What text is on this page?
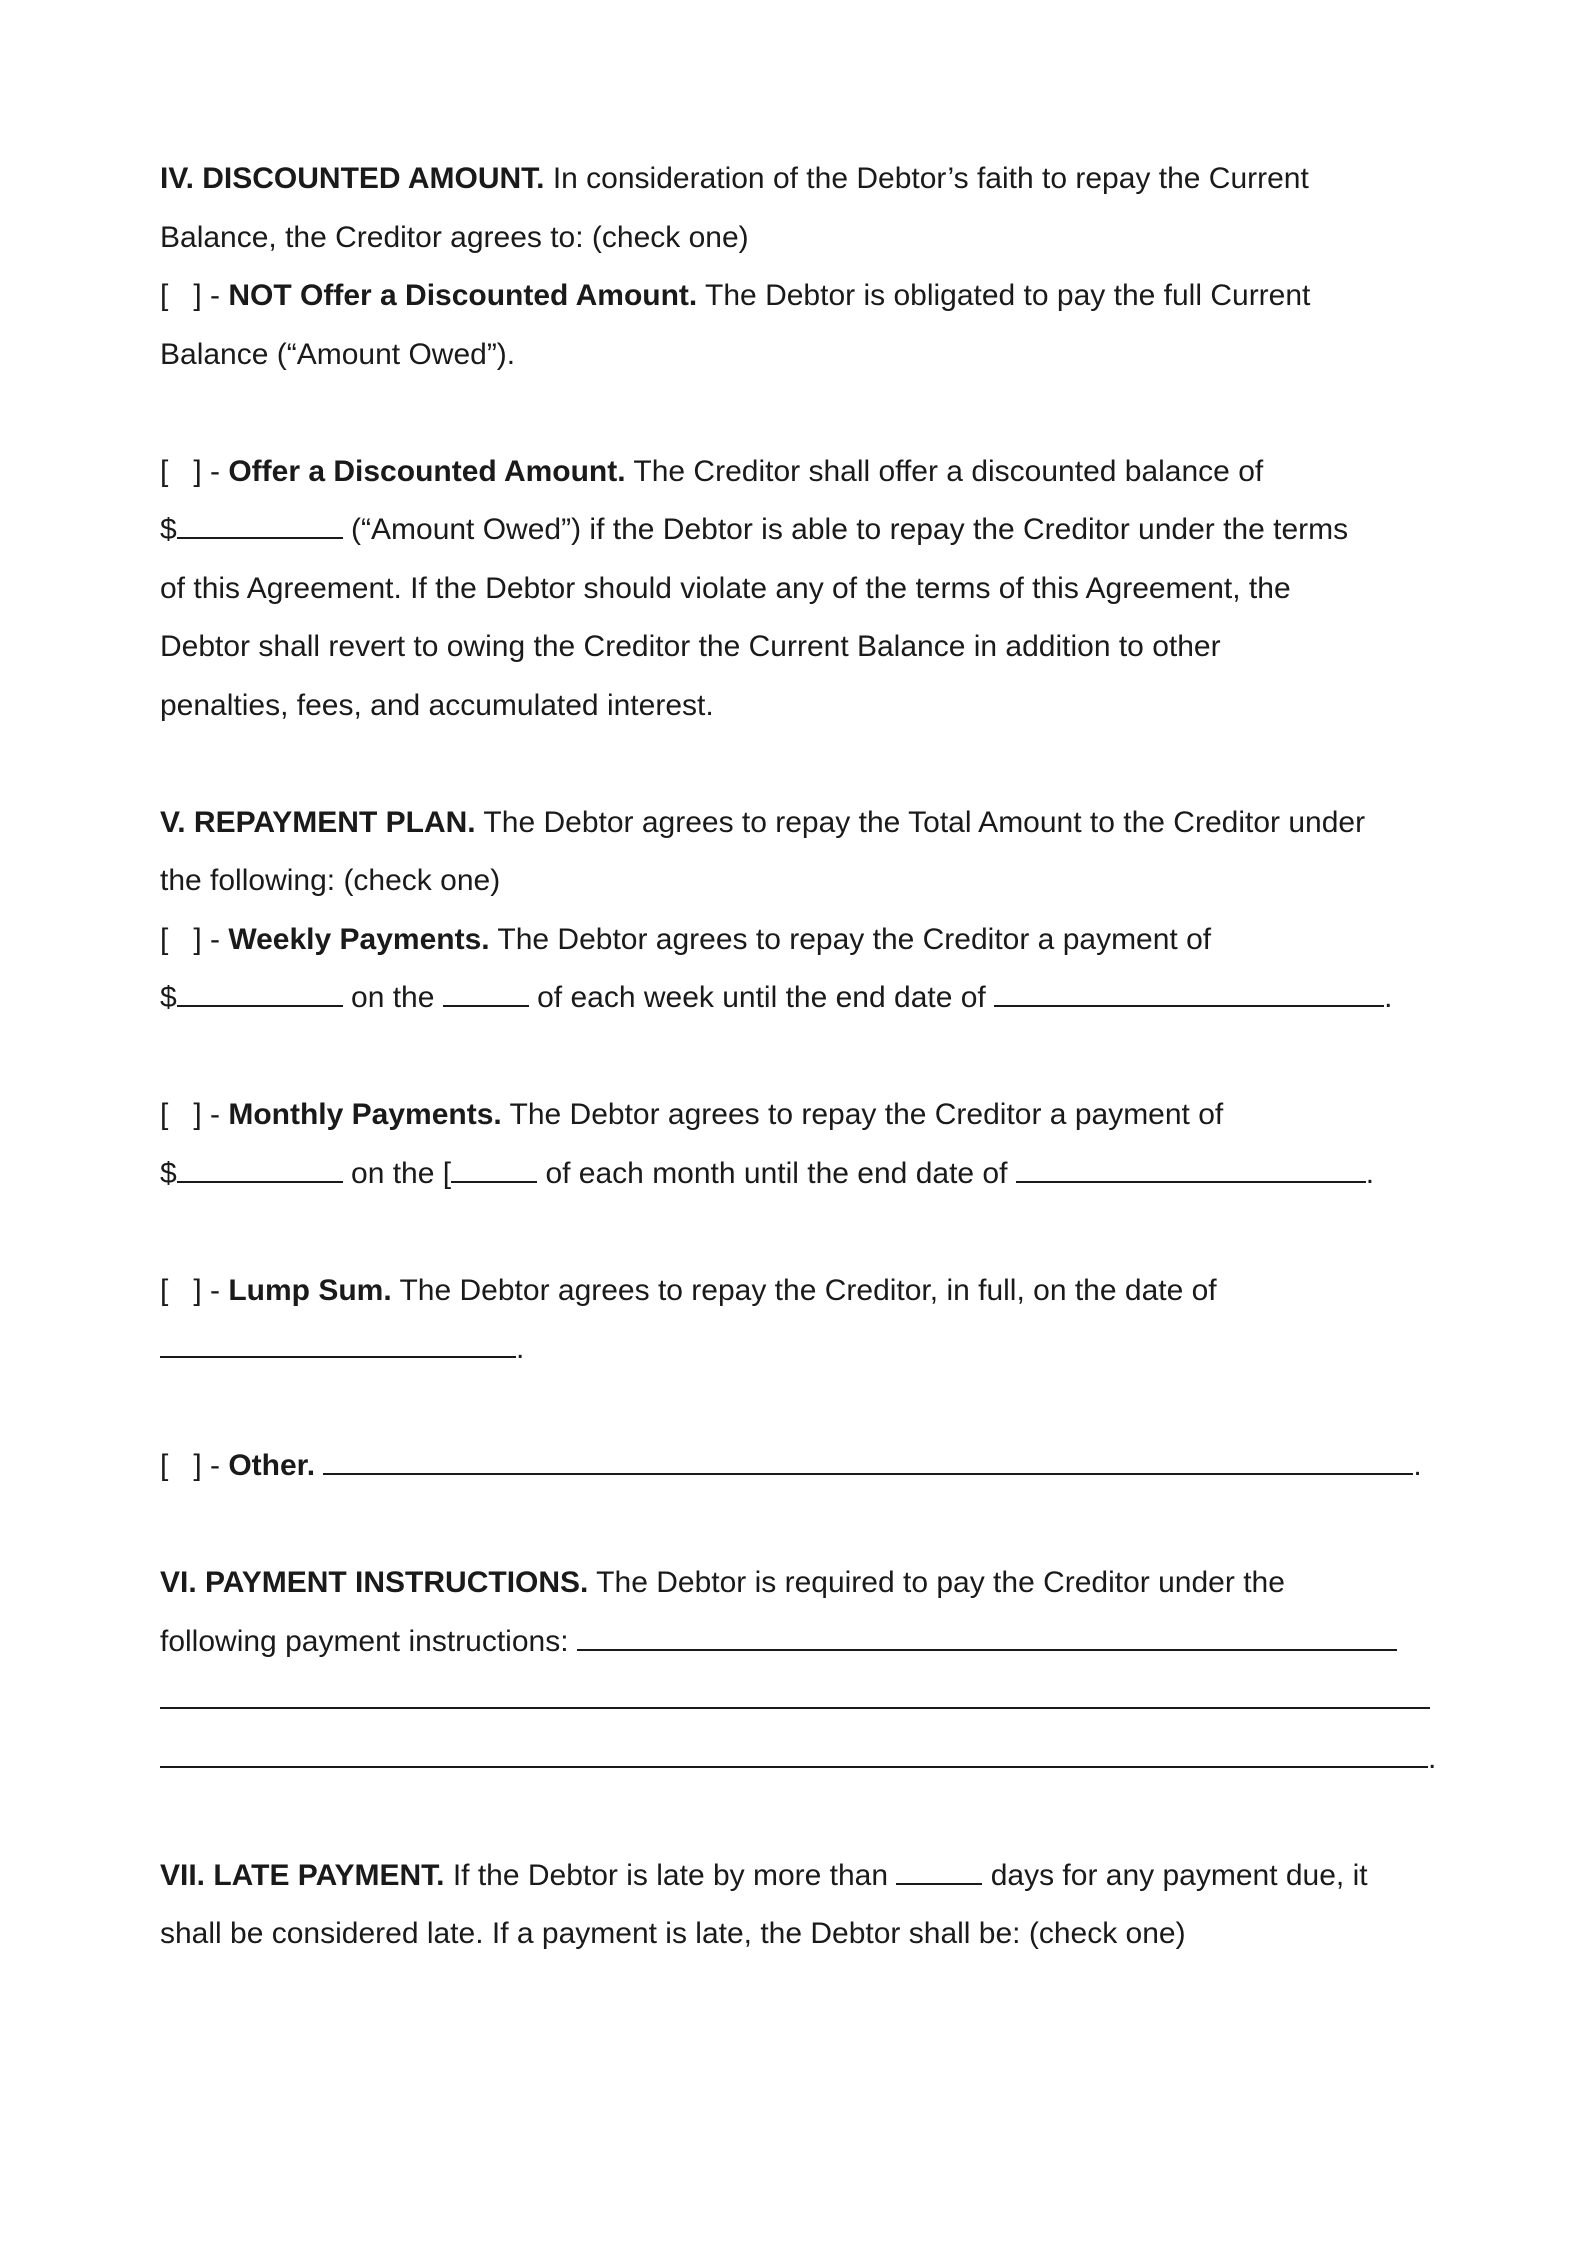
IV. DISCOUNTED AMOUNT. In consideration of the Debtor’s faith to repay the Current
Balance, the Creditor agrees to: (check one)
[   ] - NOT Offer a Discounted Amount. The Debtor is obligated to pay the full Current
Balance (“Amount Owed”).
[   ] - Offer a Discounted Amount. The Creditor shall offer a discounted balance of
$	(“Amount Owed”) if the Debtor is able to repay the Creditor under the terms
of this Agreement. If the Debtor should violate any of the terms of this Agreement, the
Debtor shall revert to owing the Creditor the Current Balance in addition to other
penalties, fees, and accumulated interest.
V. REPAYMENT PLAN. The Debtor agrees to repay the Total Amount to the Creditor under
the following: (check one)
[   ] - Weekly Payments. The Debtor agrees to repay the Creditor a payment of
$	on the	of each week until the end date of	.
[   ] - Monthly Payments. The Debtor agrees to repay the Creditor a payment of
$	on the [	of each month until the end date of	.
[   ] - Lump Sum. The Debtor agrees to repay the Creditor, in full, on the date of
.
[   ] - Other.	.
VI. PAYMENT INSTRUCTIONS. The Debtor is required to pay the Creditor under the
following payment instructions:
.
VII. LATE PAYMENT. If the Debtor is late by more than	days for any payment due, it
shall be considered late. If a payment is late, the Debtor shall be: (check one)
